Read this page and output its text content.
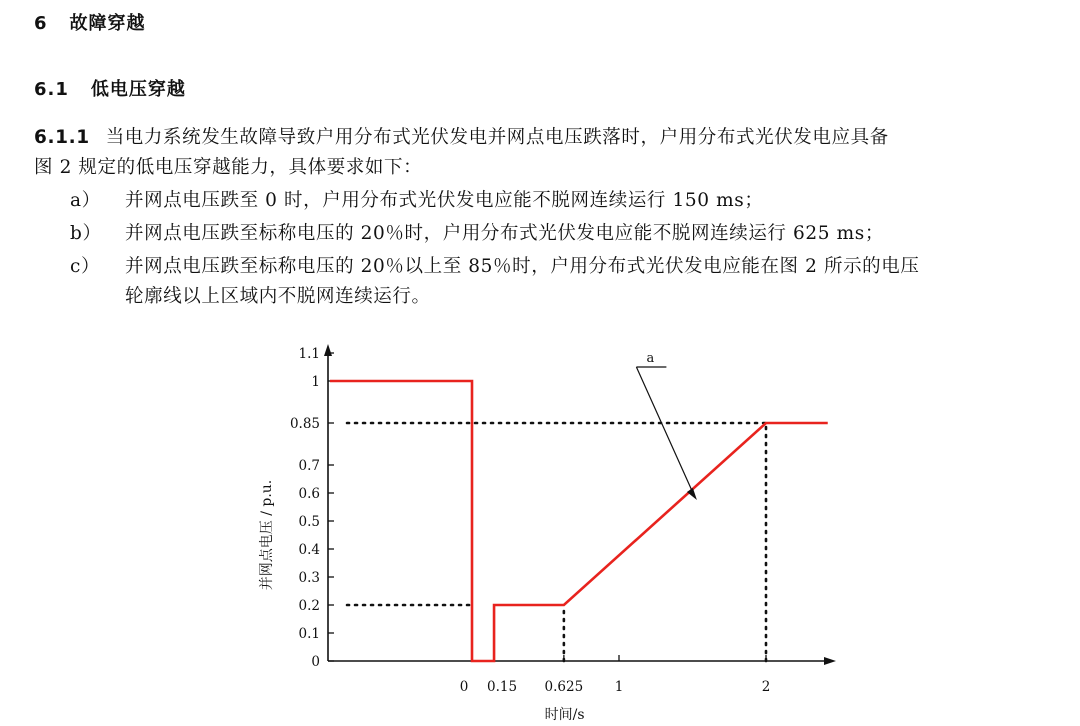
6 故障穿越
6.1 低电压穿越
6.1.1 当电力系统发生故障导致户用分布式光伏发电并网点电压跌落时，户用分布式光伏发电应具备
图 2 规定的低电压穿越能力，具体要求如下：
a） 并网点电压跌至 0 时，户用分布式光伏发电应能不脱网连续运行 150 ms；
b） 并网点电压跌至标称电压的 20％时，户用分布式光伏发电应能不脱网连续运行 625 ms；
c） 并网点电压跌至标称电压的 20％以上至 85％时，户用分布式光伏发电应能在图 2 所示的电压
轮廓线以上区域内不脱网连续运行。
0
0.1
0.2
0.3
0.4
0.5
0.6
0.7
0.85
1
1.1
0 0.15 0.625 1	2
时间/s
并网点电压 / p.u.
a
